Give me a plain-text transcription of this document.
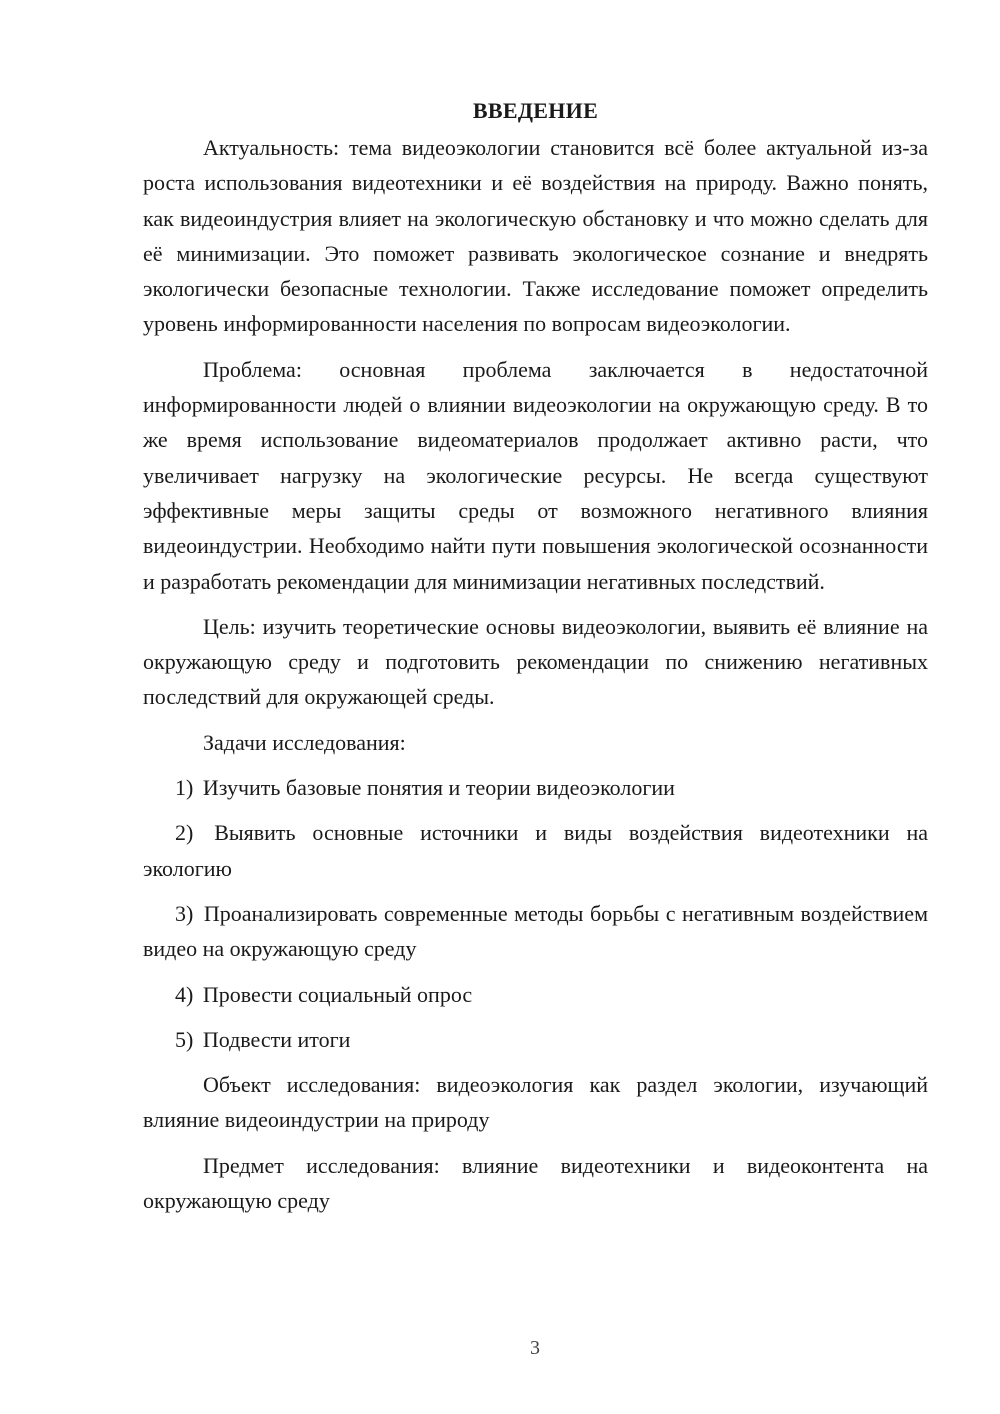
ВВЕДЕНИЕ

Актуальность: тема видеоэкологии становится всё более актуальной из-за роста использования видеотехники и её воздействия на природу. Важно понять, как видеоиндустрия влияет на экологическую обстановку и что можно сделать для её минимизации. Это поможет развивать экологическое сознание и внедрять экологически безопасные технологии. Также исследование поможет определить уровень информированности населения по вопросам видеоэкологии.

Проблема: основная проблема заключается в недостаточной информированности людей о влиянии видеоэкологии на окружающую среду. В то же время использование видеоматериалов продолжает активно расти, что увеличивает нагрузку на экологические ресурсы. Не всегда существуют эффективные меры защиты среды от возможного негативного влияния видеоиндустрии. Необходимо найти пути повышения экологической осознанности и разработать рекомендации для минимизации негативных последствий.

Цель: изучить теоретические основы видеоэкологии, выявить её влияние на окружающую среду и подготовить рекомендации по снижению негативных последствий для окружающей среды.

Задачи исследования:

1) Изучить базовые понятия и теории видеоэкологии
2) Выявить основные источники и виды воздействия видеотехники на экологию
3) Проанализировать современные методы борьбы с негативным воздействием видео на окружающую среду
4) Провести социальный опрос
5) Подвести итоги

Объект исследования: видеоэкология как раздел экологии, изучающий влияние видеоиндустрии на природу

Предмет исследования: влияние видеотехники и видеоконтента на окружающую среду

3
